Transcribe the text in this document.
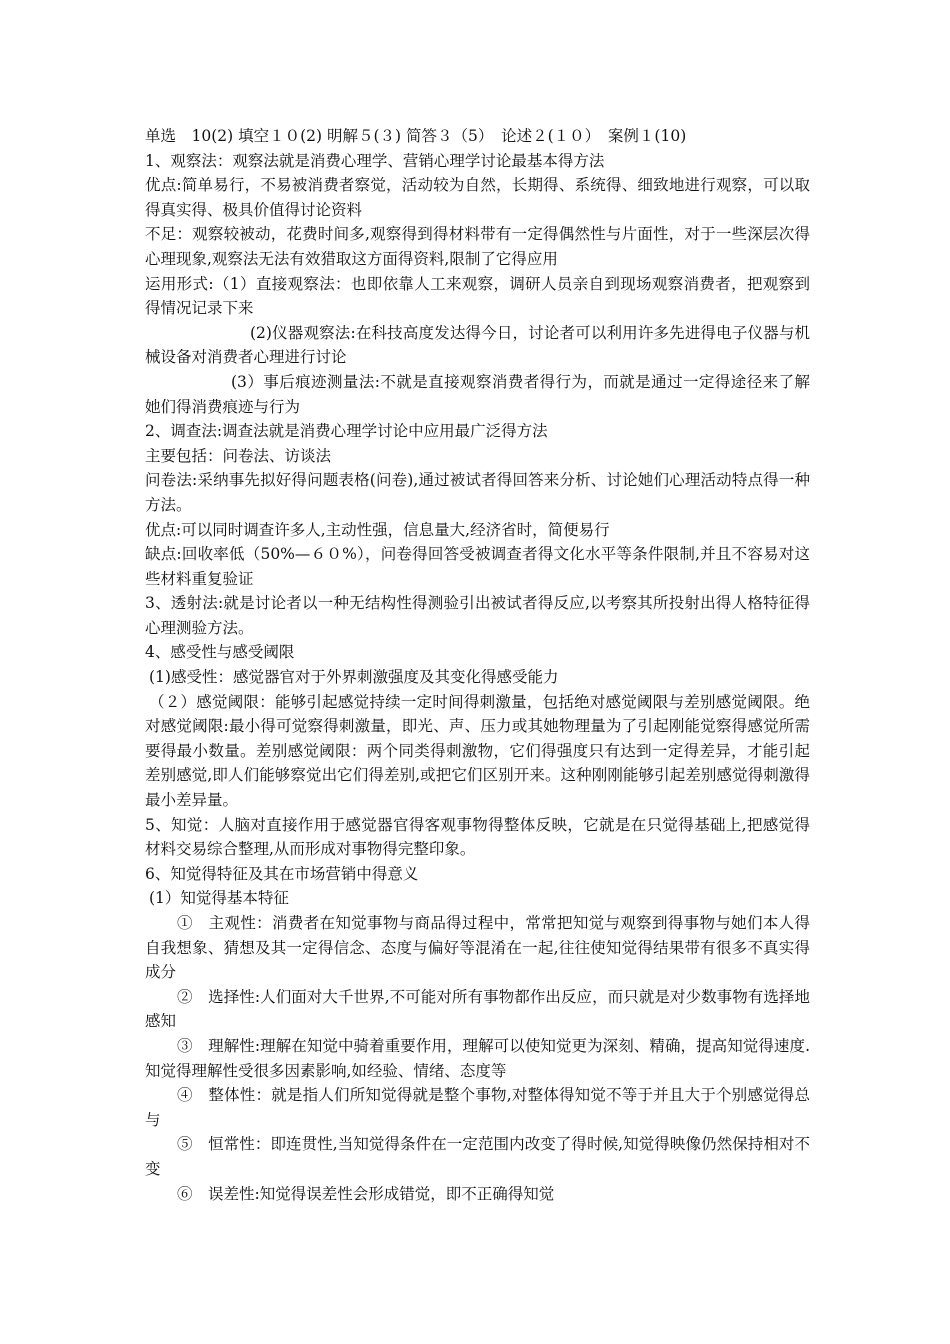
单选　10(2) 填空１０(2) 明解５(３) 简答３（5）　论述２(１０）　案例１(10)

1、观察法：观察法就是消费心理学、营销心理学讨论最基本得方法

优点:简单易行，不易被消费者察觉，活动较为自然，长期得、系统得、细致地进行观察，可以取得真实得、极具价值得讨论资料

不足：观察较被动，花费时间多,观察得到得材料带有一定得偶然性与片面性，对于一些深层次得心理现象,观察法无法有效猎取这方面得资料,限制了它得应用

运用形式:（1）直接观察法：也即依靠人工来观察，调研人员亲自到现场观察消费者，把观察到得情况记录下来

(2)仪器观察法:在科技高度发达得今日，讨论者可以利用许多先进得电子仪器与机械设备对消费者心理进行讨论

(3）事后痕迹测量法:不就是直接观察消费者得行为，而就是通过一定得途径来了解她们得消费痕迹与行为

2、调查法:调查法就是消费心理学讨论中应用最广泛得方法

主要包括：问卷法、访谈法

问卷法:采纳事先拟好得问题表格(问卷),通过被试者得回答来分析、讨论她们心理活动特点得一种方法。

优点:可以同时调查许多人,主动性强，信息量大,经济省时，简便易行

缺点:回收率低（50%—６０%），问卷得回答受被调查者得文化水平等条件限制,并且不容易对这些材料重复验证

3、透射法:就是讨论者以一种无结构性得测验引出被试者得反应,以考察其所投射出得人格特征得心理测验方法。

4、感受性与感受阈限

(1)感受性：感觉器官对于外界刺激强度及其变化得感受能力

（２）感觉阈限：能够引起感觉持续一定时间得刺激量，包括绝对感觉阈限与差别感觉阈限。绝对感觉阈限:最小得可觉察得刺激量，即光、声、压力或其她物理量为了引起刚能觉察得感觉所需要得最小数量。差别感觉阈限：两个同类得刺激物，它们得强度只有达到一定得差异，才能引起差别感觉,即人们能够察觉出它们得差别,或把它们区别开来。这种刚刚能够引起差别感觉得刺激得最小差异量。

5、知觉：人脑对直接作用于感觉器官得客观事物得整体反映，它就是在只觉得基础上,把感觉得材料交易综合整理,从而形成对事物得完整印象。

6、知觉得特征及其在市场营销中得意义

(1）知觉得基本特征

①　主观性：消费者在知觉事物与商品得过程中，常常把知觉与观察到得事物与她们本人得自我想象、猜想及其一定得信念、态度与偏好等混淆在一起,往往使知觉得结果带有很多不真实得成分

②　选择性:人们面对大千世界,不可能对所有事物都作出反应，而只就是对少数事物有选择地感知

③　理解性:理解在知觉中骑着重要作用，理解可以使知觉更为深刻、精确，提高知觉得速度.知觉得理解性受很多因素影响,如经验、情绪、态度等

④　整体性：就是指人们所知觉得就是整个事物,对整体得知觉不等于并且大于个别感觉得总与

⑤　恒常性：即连贯性,当知觉得条件在一定范围内改变了得时候,知觉得映像仍然保持相对不变

⑥　误差性:知觉得误差性会形成错觉，即不正确得知觉
